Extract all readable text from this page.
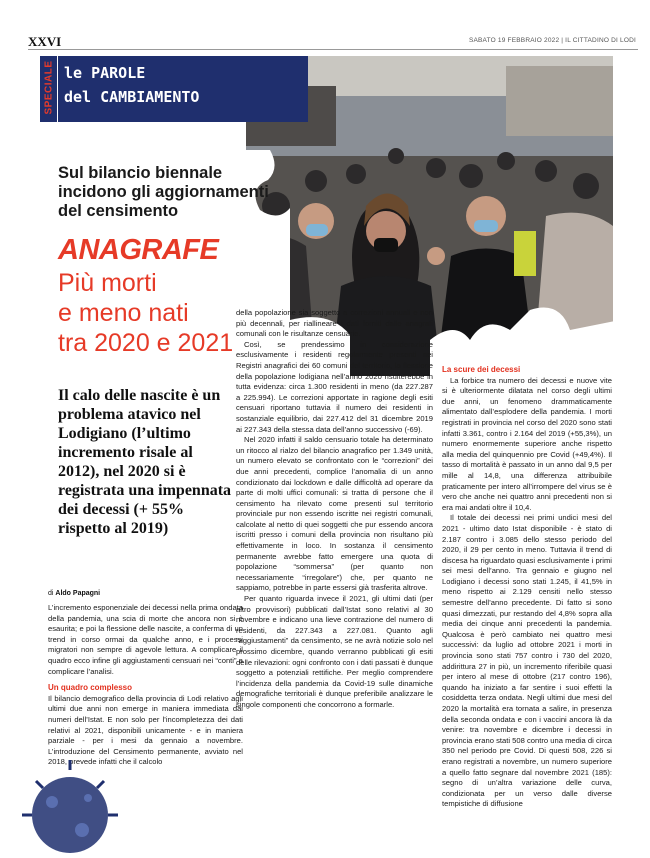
XXVI	SABATO 19 FEBBRAIO 2022 | IL CITTADINO DI LODI
SPECIALE le PAROLE
del CAMBIAMENTO
Sul bilancio biennale incidono gli aggiornamenti del censimento
ANAGRAFE
Più morti
e meno nati
tra 2020 e 2021
Il calo delle nascite è un problema atavico nel Lodigiano (l’ultimo incremento risale al 2012), nel 2020 si è registrata una impennata dei decessi (+ 55% rispetto al 2019)
di Aldo Papagni

L’incremento esponenziale dei decessi nella prima ondata della pandemia, una scia di morte che ancora non si è esaurita; e poi la flessione delle nascite, a conferma di un trend in corso ormai da qualche anno, e i processi migratori non sempre di agevole lettura. A complicare il quadro ecco infine gli aggiustamenti censuari nei “conti” a complicare l’analisi.

Un quadro complesso

Il bilancio demografico della provincia di Lodi relativo agli ultimi due anni non emerge in maniera immediata dai numeri dell’Istat. E non solo per l’incompletezza dei dati relativi al 2021, disponibili unicamente - e in maniera parziale - per i mesi da gennaio a novembre. L’introduzione del Censimento permanente, avviato nel 2018, prevede infatti che il calcolo

della popolazione sia soggetto a correzioni annuali e non più decennali, per riallineare i dati forniti dalle anagrafi comunali con le risultanze censuarie.

Così, se prendessimo in considerazione esclusivamente i residenti regolarmente presenti nei Registri anagrafici dei 60 comuni del territorio, la flessione della popolazione lodigiana nell’anno 2020 risulterebbe in tutta evidenza: circa 1.300 residenti in meno (da 227.287 a 225.994). Le correzioni apportate in ragione degli esiti censuari riportano tuttavia il numero dei residenti in sostanziale equilibrio, dai 227.412 del 31 dicembre 2019 ai 227.343 della stessa data dell’anno successivo (-69).

Nel 2020 infatti il saldo censuario totale ha determinato un ritocco al rialzo del bilancio anagrafico per 1.349 unità, un numero elevato se confrontato con le “correzioni” dei due anni precedenti, complice l’anomalia di un anno condizionato dai lockdown e dalle difficoltà ad operare da parte di molti uffici comunali: si tratta di persone che il censimento ha rilevato come presenti sul territorio provinciale pur non essendo iscritte nei registri comunali, calcolate al netto di quei soggetti che pur essendo ancora iscritti presso i comuni della provincia non risultano più effettivamente in loco. In sostanza il censimento permanente avrebbe fatto emergere una quota di popolazione “sommersa” (per quanto non necessariamente “irregolare”) che, per quanto ne sappiamo, potrebbe in parte essersi già trasferita altrove.

Per quanto riguarda invece il 2021, gli ultimi dati (per altro provvisori) pubblicati dall’Istat sono relativi al 30 novembre e indicano una lieve contrazione del numero di residenti, da 227.343 a 227.081. Quanto agli “aggiustamenti” da censimento, se ne avrà notizie solo nel prossimo dicembre, quando verranno pubblicati gli esiti delle rilevazioni: ogni confronto con i dati passati è dunque soggetto a potenziali rettifiche. Per meglio comprendere l’incidenza della pandemia da Covid-19 sulle dinamiche demografiche territoriali è dunque preferibile analizzare le singole componenti che concorrono a formarle.

La scure dei decessi

La forbice tra numero dei decessi e nuove vite si è ulteriormente dilatata nel corso degli ultimi due anni, un fenomeno drammaticamente alimentato dall’esplodere della pandemia. I morti registrati in provincia nel corso del 2020 sono stati infatti 3.361, contro i 2.164 del 2019 (+55,3%), un numero enormemente superiore anche rispetto alla media del quinquennio pre Covid (+49,4%). Il tasso di mortalità è passato in un anno dal 9,5 per mille al 14,8, una differenza attribuibile praticamente per intero all’irrompere del virus se è vero che anche nei quattro anni precedenti non si era mai andati oltre il 10,4.

Il totale dei decessi nei primi undici mesi del 2021 - ultimo dato Istat disponibile - è stato di 2.187 contro i 3.085 dello stesso periodo del 2020, il 29 per cento in meno. Tuttavia il trend di discesa ha riguardato quasi esclusivamente i primi sei mesi dell’anno. Tra gennaio e giugno nel Lodigiano i decessi sono stati 1.245, il 41,5% in meno rispetto ai 2.129 censiti nello stesso semestre dell’anno precedente. Di fatto si sono quasi dimezzati, pur restando del 4,8% sopra alla media dei cinque anni precedenti la pandemia. Qualcosa è però cambiato nei quattro mesi successivi: da luglio ad ottobre 2021 i morti in provincia sono stati 757 contro i 730 del 2020, addirittura 27 in più, un incremento riferibile quasi per intero al mese di ottobre (217 contro 196), quando ha iniziato a far sentire i suoi effetti la cosiddetta terza ondata. Negli ultimi due mesi del 2020 la mortalità era tornata a salire, in presenza della seconda ondata e con i vaccini ancora là da venire: tra novembre e dicembre i decessi in provincia erano stati 508 contro una media di circa 350 nel periodo pre Covid. Di questi 508, 226 si erano registrati a novembre, un numero superiore a quello fatto segnare dal novembre 2021 (185): segno di un’altra variazione delle curva, condizionata per un verso dalle diverse tempistiche di diffusione
